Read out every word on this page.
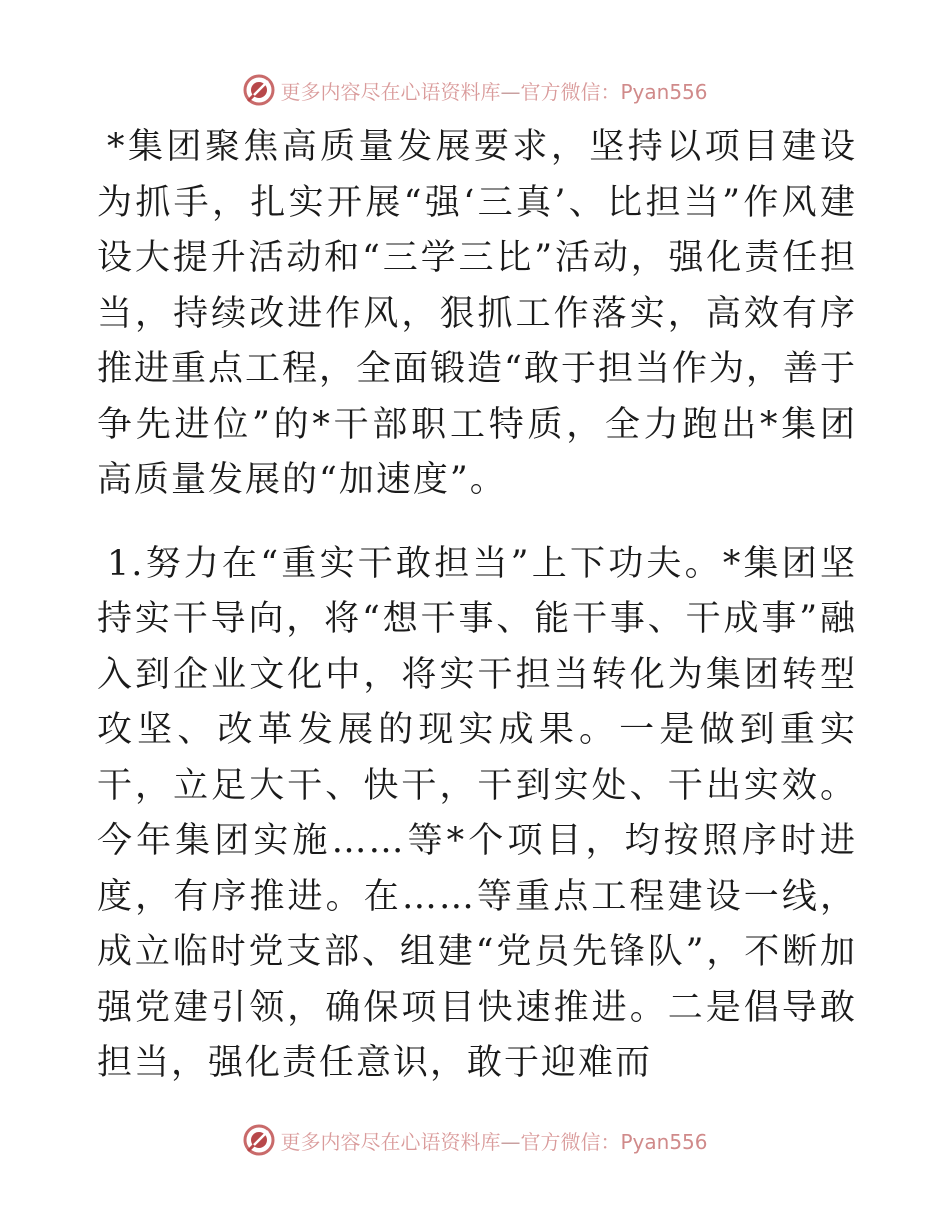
更多内容尽在心语资料库—官方微信：Pyan556

*集团聚焦高质量发展要求，坚持以项目建设为抓手，扎实开展“强‘三真’、比担当”作风建设大提升活动和“三学三比”活动，强化责任担当，持续改进作风，狠抓工作落实，高效有序推进重点工程，全面锻造“敢于担当作为，善于争先进位”的*干部职工特质，全力跑出*集团高质量发展的“加速度”。

1.努力在“重实干敢担当”上下功夫。*集团坚持实干导向，将“想干事、能干事、干成事”融入到企业文化中，将实干担当转化为集团转型攻坚、改革发展的现实成果。一是做到重实干，立足大干、快干，干到实处、干出实效。今年集团实施……等*个项目，均按照序时进度，有序推进。在……等重点工程建设一线，成立临时党支部、组建“党员先锋队”，不断加强党建引领，确保项目快速推进。二是倡导敢担当，强化责任意识，敢于迎难而

更多内容尽在心语资料库—官方微信：Pyan556
